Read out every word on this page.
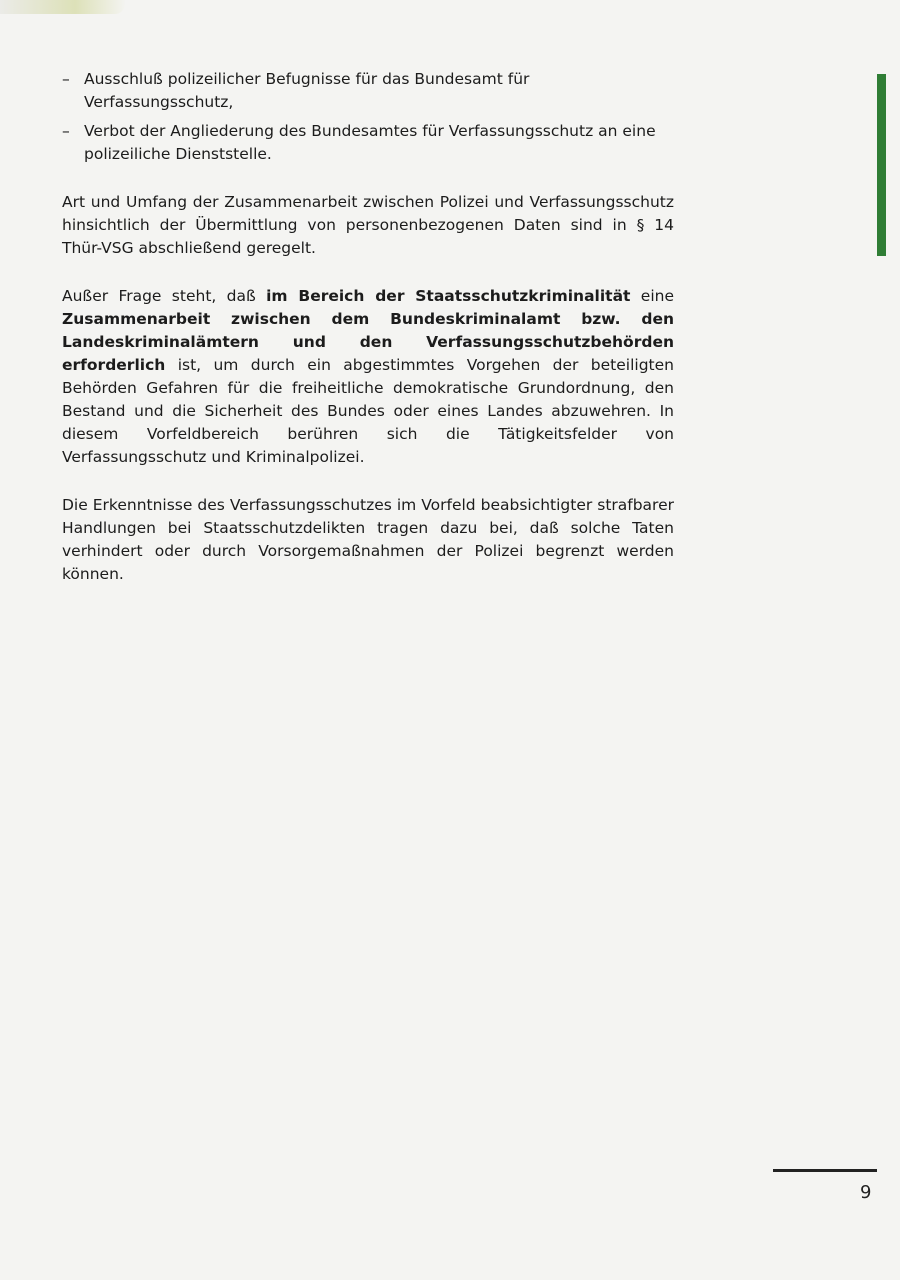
– Ausschluß polizeilicher Befugnisse für das Bundesamt für Verfassungsschutz,
– Verbot der Angliederung des Bundesamtes für Verfassungsschutz an eine polizeiliche Dienststelle.

Art und Umfang der Zusammenarbeit zwischen Polizei und Verfassungsschutz hinsichtlich der Übermittlung von personenbezogenen Daten sind in § 14 Thür-VSG abschließend geregelt.

Außer Frage steht, daß im Bereich der Staatsschutzkriminalität eine Zusammenarbeit zwischen dem Bundeskriminalamt bzw. den Landeskriminalämtern und den Verfassungsschutzbehörden erforderlich ist, um durch ein abgestimmtes Vorgehen der beteiligten Behörden Gefahren für die freiheitliche demokratische Grundordnung, den Bestand und die Sicherheit des Bundes oder eines Landes abzuwehren. In diesem Vorfeldbereich berühren sich die Tätigkeitsfelder von Verfassungsschutz und Kriminalpolizei.

Die Erkenntnisse des Verfassungsschutzes im Vorfeld beabsichtigter strafbarer Handlungen bei Staatsschutzdelikten tragen dazu bei, daß solche Taten verhindert oder durch Vorsorgemaßnahmen der Polizei begrenzt werden können.

9
